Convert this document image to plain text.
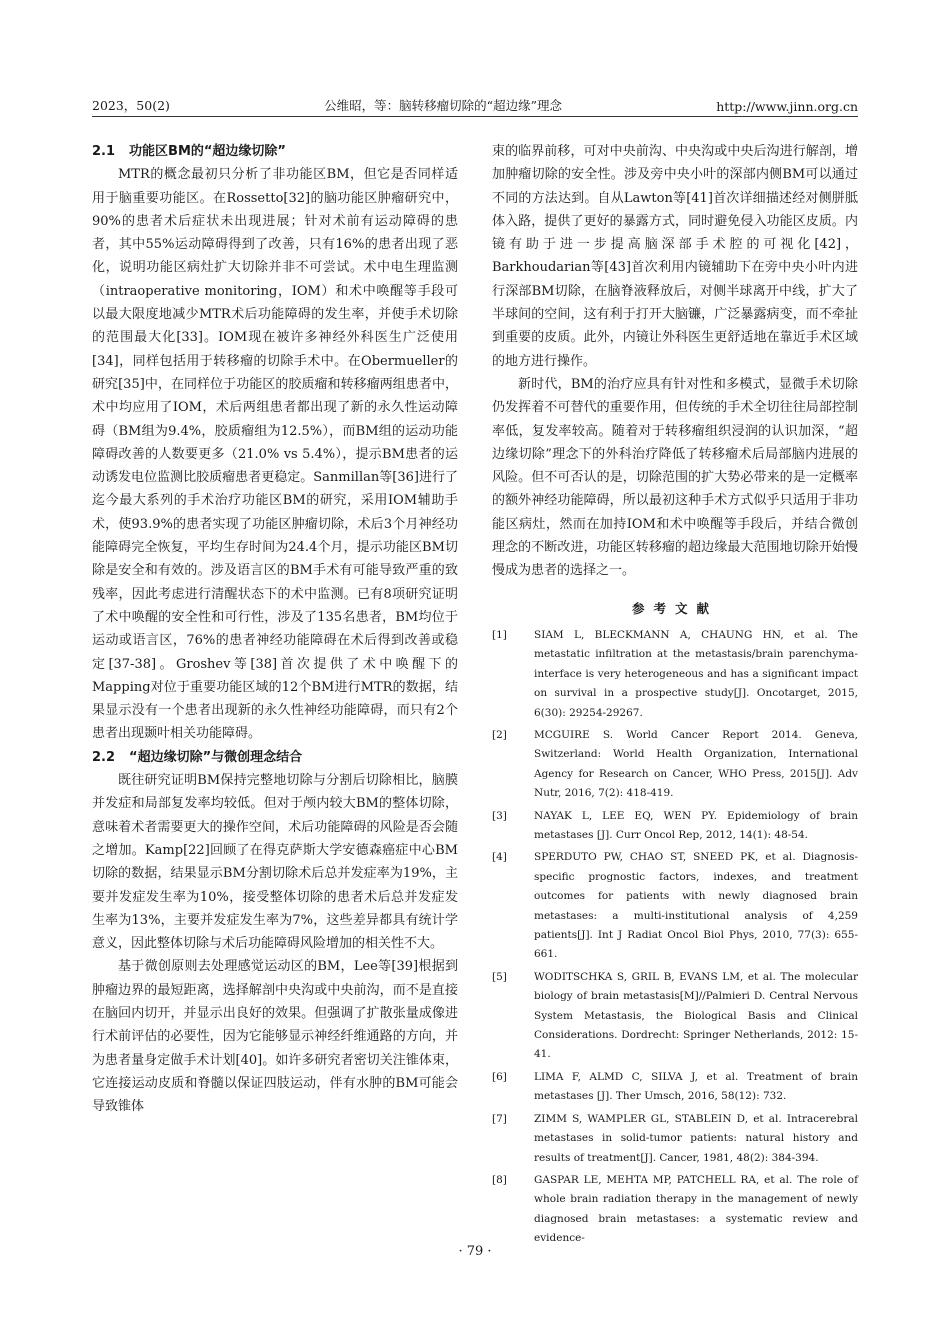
2023，50(2)	公维昭，等：脑转移瘤切除的“超边缘”理念	http://www.jinn.org.cn
2.1 功能区BM的“超边缘切除”

MTR的概念最初只分析了非功能区BM，但它是否同样适用于脑重要功能区。在Rossetto[32]的脑功能区肿瘤研究中，90%的患者术后症状未出现进展；针对术前有运动障碍的患者，其中55%运动障碍得到了改善，只有16%的患者出现了恶化，说明功能区病灶扩大切除并非不可尝试。术中电生理监测（intraoperative monitoring，IOM）和术中唤醒等手段可以最大限度地减少MTR术后功能障碍的发生率，并使手术切除的范围最大化[33]。IOM现在被许多神经外科医生广泛使用[34]，同样包括用于转移瘤的切除手术中。在Obermueller的研究[35]中，在同样位于功能区的胶质瘤和转移瘤两组患者中，术中均应用了IOM，术后两组患者都出现了新的永久性运动障碍（BM组为9.4%，胶质瘤组为12.5%），而BM组的运动功能障碍改善的人数要更多（21.0% vs 5.4%），提示BM患者的运动诱发电位监测比胶质瘤患者更稳定。Sanmillan等[36]进行了迄今最大系列的手术治疗功能区BM的研究，采用IOM辅助手术，使93.9%的患者实现了功能区肿瘤切除，术后3个月神经功能障碍完全恢复，平均生存时间为24.4个月，提示功能区BM切除是安全和有效的。涉及语言区的BM手术有可能导致严重的致残率，因此考虑进行清醒状态下的术中监测。已有8项研究证明了术中唤醒的安全性和可行性，涉及了135名患者，BM均位于运动或语言区，76%的患者神经功能障碍在术后得到改善或稳定[37-38]。Groshev等[38]首次提供了术中唤醒下的Mapping对位于重要功能区域的12个BM进行MTR的数据，结果显示没有一个患者出现新的永久性神经功能障碍，而只有2个患者出现颞叶相关功能障碍。

2.2 “超边缘切除”与微创理念结合

既往研究证明BM保持完整地切除与分割后切除相比，脑膜并发症和局部复发率均较低。但对于颅内较大BM的整体切除，意味着术者需要更大的操作空间，术后功能障碍的风险是否会随之增加。Kamp[22]回顾了在得克萨斯大学安德森癌症中心BM切除的数据，结果显示BM分割切除术后总并发症率为19%，主要并发症发生率为10%，接受整体切除的患者术后总并发症发生率为13%，主要并发症发生率为7%，这些差异都具有统计学意义，因此整体切除与术后功能障碍风险增加的相关性不大。

基于微创原则去处理感觉运动区的BM，Lee等[39]根据到肿瘤边界的最短距离，选择解剖中央沟或中央前沟，而不是直接在脑回内切开，并显示出良好的效果。但强调了扩散张量成像进行术前评估的必要性，因为它能够显示神经纤维通路的方向，并为患者量身定做手术计划[40]。如许多研究者密切关注锥体束，它连接运动皮质和脊髓以保证四肢运动，伴有水肿的BM可能会导致锥体

束的临界前移，可对中央前沟、中央沟或中央后沟进行解剖，增加肿瘤切除的安全性。涉及旁中央小叶的深部内侧BM可以通过不同的方法达到。自从Lawton等[41]首次详细描述经对侧胼胝体入路，提供了更好的暴露方式，同时避免侵入功能区皮质。内镜有助于进一步提高脑深部手术腔的可视化[42]，Barkhoudarian等[43]首次利用内镜辅助下在旁中央小叶内进行深部BM切除，在脑脊液释放后，对侧半球离开中线，扩大了半球间的空间，这有利于打开大脑镰，广泛暴露病变，而不牵扯到重要的皮质。此外，内镜让外科医生更舒适地在靠近手术区域的地方进行操作。

新时代，BM的治疗应具有针对性和多模式，显微手术切除仍发挥着不可替代的重要作用，但传统的手术全切往往局部控制率低，复发率较高。随着对于转移瘤组织浸润的认识加深，“超边缘切除”理念下的外科治疗降低了转移瘤术后局部脑内进展的风险。但不可否认的是，切除范围的扩大势必带来的是一定概率的额外神经功能障碍，所以最初这种手术方式似乎只适用于非功能区病灶，然而在加持IOM和术中唤醒等手段后，并结合微创理念的不断改进，功能区转移瘤的超边缘最大范围地切除开始慢慢成为患者的选择之一。

参考文献
[1]	SIAM L, BLECKMANN A, CHAUNG HN, et al. The metastatic infiltration at the metastasis/brain parenchyma-interface is very heterogeneous and has a significant impact on survival in a prospective study[J]. Oncotarget, 2015, 6(30): 29254-29267.
[2]	MCGUIRE S. World Cancer Report 2014. Geneva, Switzerland: World Health Organization, International Agency for Research on Cancer, WHO Press, 2015[J]. Adv Nutr, 2016, 7(2): 418-419.
[3]	NAYAK L, LEE EQ, WEN PY. Epidemiology of brain metastases [J]. Curr Oncol Rep, 2012, 14(1): 48-54.
[4]	SPERDUTO PW, CHAO ST, SNEED PK, et al. Diagnosis-specific prognostic factors, indexes, and treatment outcomes for patients with newly diagnosed brain metastases: a multi-institutional analysis of 4,259 patients[J]. Int J Radiat Oncol Biol Phys, 2010, 77(3): 655-661.
[5]	WODITSCHKA S, GRIL B, EVANS LM, et al. The molecular biology of brain metastasis[M]//Palmieri D. Central Nervous System Metastasis, the Biological Basis and Clinical Considerations. Dordrecht: Springer Netherlands, 2012: 15-41.
[6]	LIMA F, ALMD C, SILVA J, et al. Treatment of brain metastases [J]. Ther Umsch, 2016, 58(12): 732.
[7]	ZIMM S, WAMPLER GL, STABLEIN D, et al. Intracerebral metastases in solid-tumor patients: natural history and results of treatment[J]. Cancer, 1981, 48(2): 384-394.
[8]	GASPAR LE, MEHTA MP, PATCHELL RA, et al. The role of whole brain radiation therapy in the management of newly diagnosed brain metastases: a systematic review and evidence-
· 79 ·
